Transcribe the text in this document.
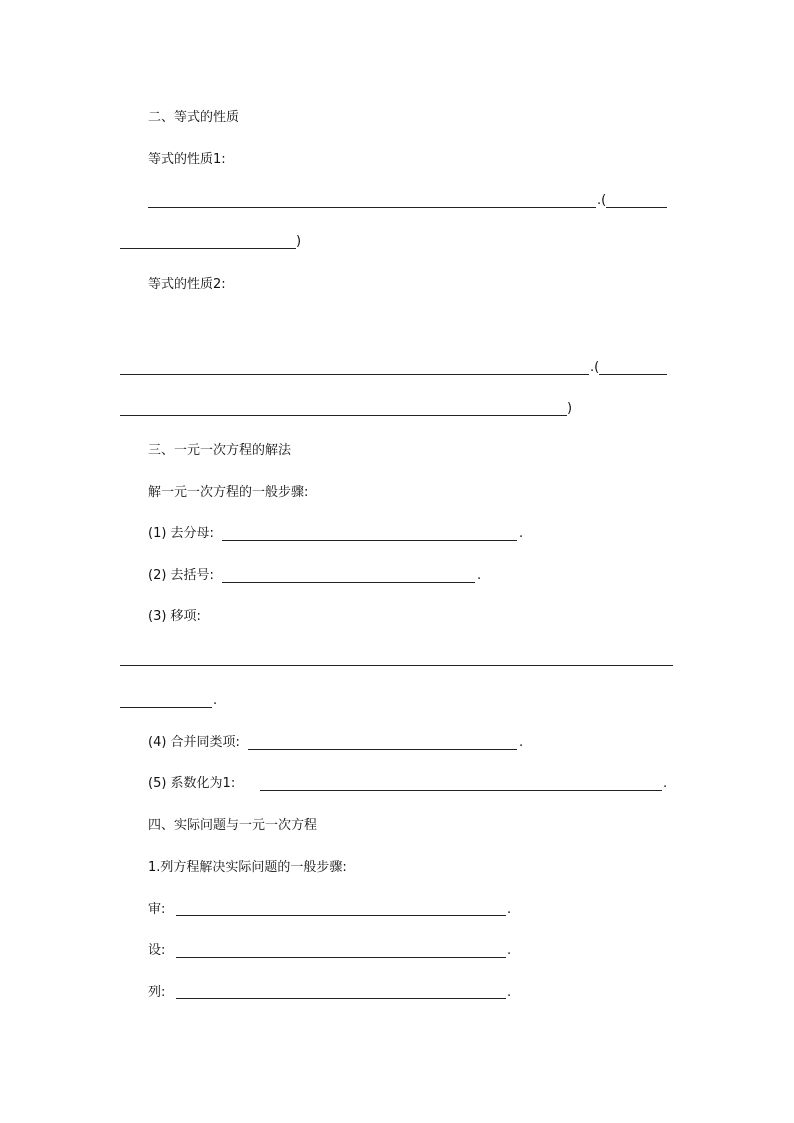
二、等式的性质
等式的性质1:
.(
)
等式的性质2:
.(
)
三、一元一次方程的解法
解一元一次方程的一般步骤:
(1) 去分母:	.
(2) 去括号:	.
(3) 移项:
.
(4) 合并同类项:	.
(5) 系数化为1:	.
四、实际问题与一元一次方程
1.列方程解决实际问题的一般步骤:
审:	.
设:	.
列:	.
